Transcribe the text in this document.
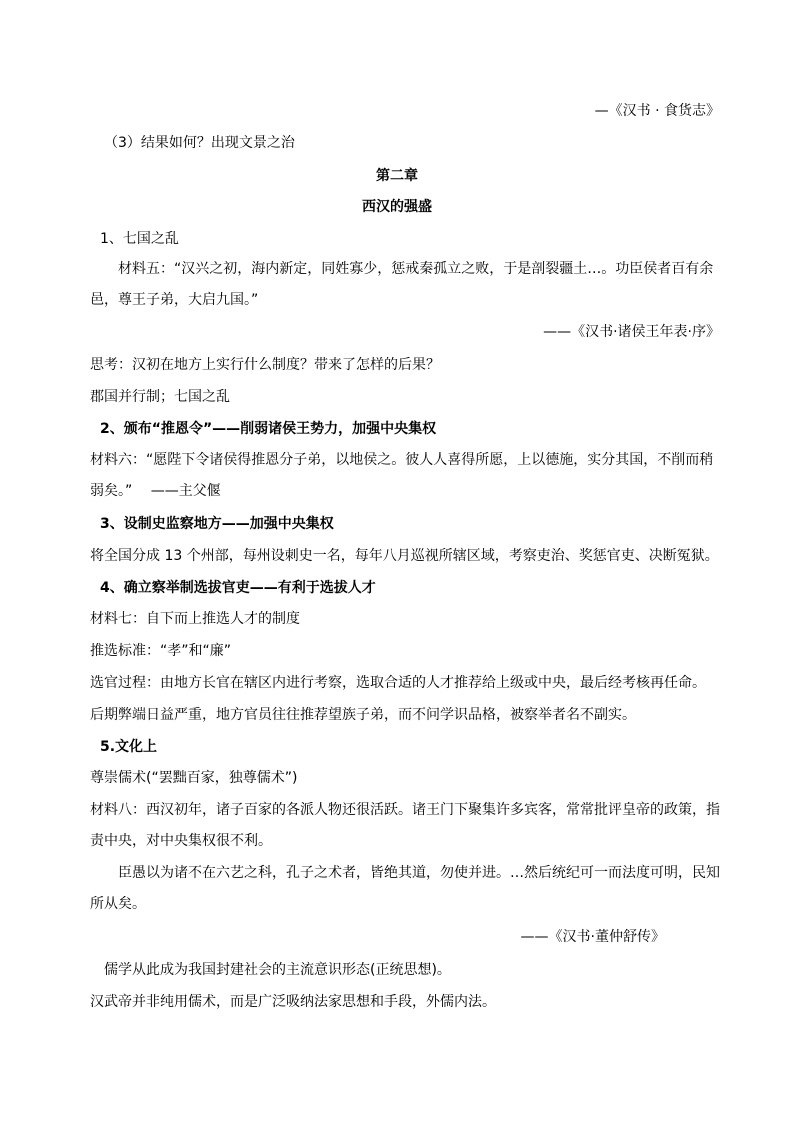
—《汉书 · 食货志》

（3）结果如何？出现文景之治

第二章

西汉的强盛

1、七国之乱

材料五：“汉兴之初，海内新定，同姓寡少，惩戒秦孤立之败，于是剖裂疆土…。功臣侯者百有余邑，尊王子弟，大启九国。”

——《汉书·诸侯王年表·序》

思考：汉初在地方上实行什么制度？带来了怎样的后果？

郡国并行制；七国之乱

2、颁布“推恩令”——削弱诸侯王势力，加强中央集权

材料六：“愿陛下令诸侯得推恩分子弟，以地侯之。彼人人喜得所愿，上以德施，实分其国，不削而稍弱矣。”　 ——主父偃

3、设制史监察地方——加强中央集权

将全国分成 13 个州部，每州设刺史一名，每年八月巡视所辖区域，考察吏治、奖惩官吏、决断冤狱。

4、确立察举制选拔官吏——有利于选拔人才

材料七：自下而上推选人才的制度

推选标准：“孝”和“廉”

选官过程：由地方长官在辖区内进行考察，选取合适的人才推荐给上级或中央，最后经考核再任命。

后期弊端日益严重，地方官员往往推荐望族子弟，而不问学识品格，被察举者名不副实。

5.文化上

尊崇儒术(“罢黜百家，独尊儒术”)

材料八：西汉初年，诸子百家的各派人物还很活跃。诸王门下聚集许多宾客，常常批评皇帝的政策，指责中央，对中央集权很不利。

臣愚以为诸不在六艺之科，孔子之术者，皆绝其道，勿使并进。…然后统纪可一而法度可明，民知所从矣。

——《汉书·董仲舒传》

儒学从此成为我国封建社会的主流意识形态(正统思想)。

汉武帝并非纯用儒术，而是广泛吸纳法家思想和手段，外儒内法。
